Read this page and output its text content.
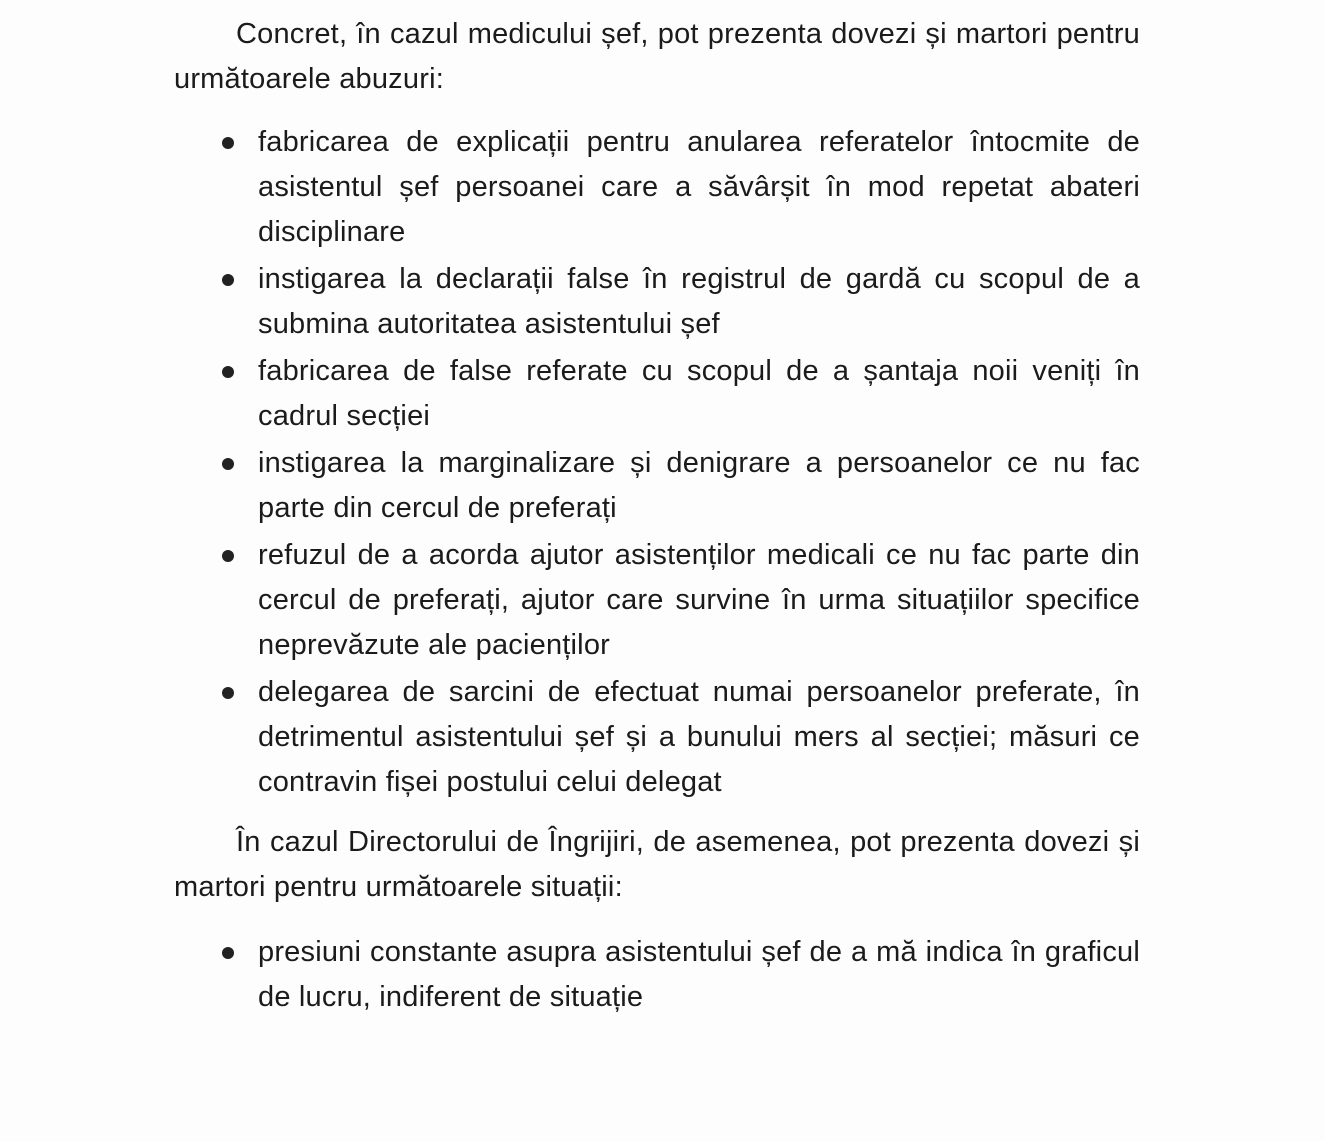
Concret, în cazul medicului șef, pot prezenta dovezi și martori pentru următoarele abuzuri:

fabricarea de explicații pentru anularea referatelor întocmite de asistentul șef persoanei care a săvârșit în mod repetat abateri disciplinare
instigarea la declarații false în registrul de gardă cu scopul de a submina autoritatea asistentului șef
fabricarea de false referate cu scopul de a șantaja noii veniți în cadrul secției
instigarea la marginalizare și denigrare a persoanelor ce nu fac parte din cercul de preferați
refuzul de a acorda ajutor asistenților medicali ce nu fac parte din cercul de preferați, ajutor care survine în urma situațiilor specifice neprevăzute ale pacienților
delegarea de sarcini de efectuat numai persoanelor preferate, în detrimentul asistentului șef și a bunului mers al secției; măsuri ce contravin fișei postului celui delegat

În cazul Directorului de Îngrijiri, de asemenea, pot prezenta dovezi și martori pentru următoarele situații:

presiuni constante asupra asistentului șef de a mă indica în graficul de lucru, indiferent de situație
